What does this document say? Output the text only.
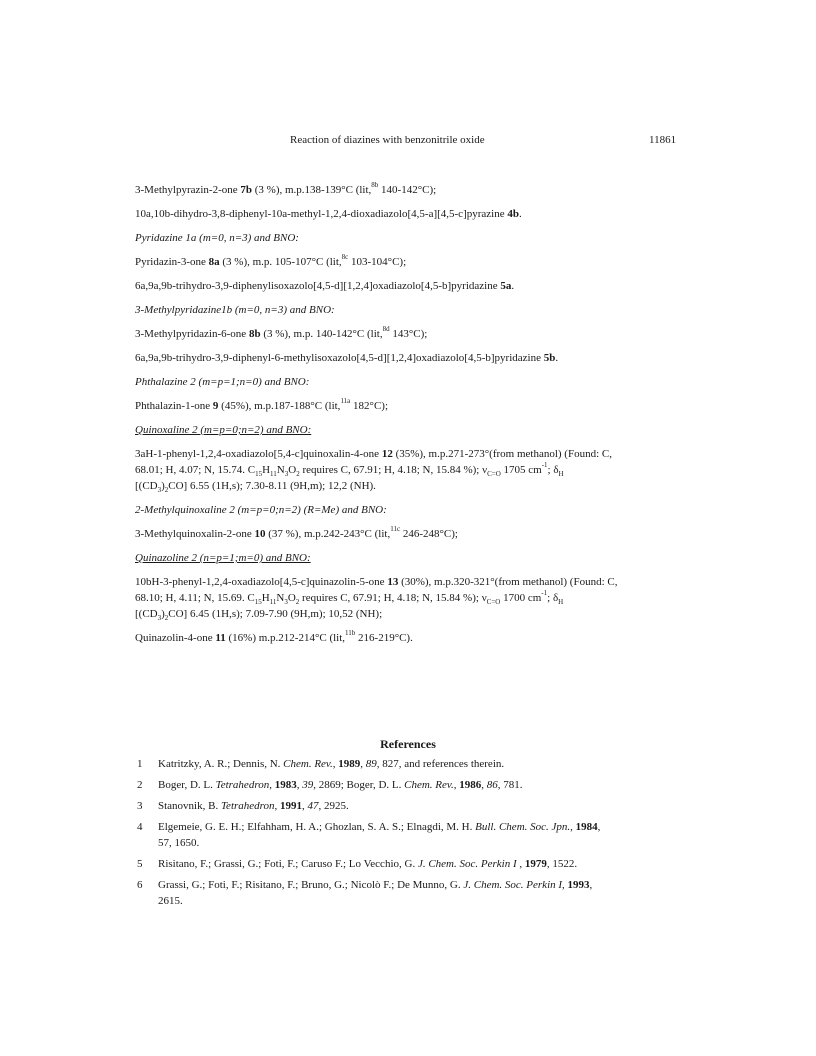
Reaction of diazines with benzonitrile oxide	11861

3-Methylpyrazin-2-one 7b (3 %), m.p.138-139°C (lit,$^{8b}$ 140-142°C);

10a,10b-dihydro-3,8-diphenyl-10a-methyl-1,2,4-dioxadiazolo[4,5-a][4,5-c]pyrazine 4b.

Pyridazine 1a (m=0, n=3) and BNO:

Pyridazin-3-one 8a (3 %), m.p. 105-107°C (lit,$^{8c}$ 103-104°C);

6a,9a,9b-trihydro-3,9-diphenylisoxazolo[4,5-d][1,2,4]oxadiazolo[4,5-b]pyridazine 5a.

3-Methylpyridazine1b (m=0, n=3) and BNO:

3-Methylpyridazin-6-one 8b (3 %), m.p. 140-142°C (lit,$^{8d}$ 143°C);

6a,9a,9b-trihydro-3,9-diphenyl-6-methylisoxazolo[4,5-d][1,2,4]oxadiazolo[4,5-b]pyridazine 5b.

Phthalazine 2 (m=p=1;n=0) and BNO:

Phthalazin-1-one 9 (45%), m.p.187-188°C (lit,$^{11a}$ 182°C);

Quinoxaline 2 (m=p=0;n=2) and BNO:

3aH-1-phenyl-1,2,4-oxadiazolo[5,4-c]quinoxalin-4-one 12 (35%), m.p.271-273°(from methanol) (Found: C,
68.01; H, 4.07; N, 15.74. $C_{15}H_{11}N_3O_2$ requires C, 67.91; H, 4.18; N, 15.84 %); $\nu_{C=O}$ 1705 $cm^{-1}$; $\delta_H$
$[(CD_3)_2CO]$ 6.55 (1H,s); 7.30-8.11 (9H,m); 12,2 (NH).

2-Methylquinoxaline 2 (m=p=0;n=2) (R=Me) and BNO:

3-Methylquinoxalin-2-one 10 (37 %), m.p.242-243°C (lit,$^{11c}$ 246-248°C);

Quinazoline 2 (n=p=1;m=0) and BNO:

10bH-3-phenyl-1,2,4-oxadiazolo[4,5-c]quinazolin-5-one 13 (30%), m.p.320-321°(from methanol) (Found: C,
68.10; H, 4.11; N, 15.69. $C_{15}H_{11}N_3O_2$ requires C, 67.91; H, 4.18; N, 15.84 %); $\nu_{C=O}$ 1700 $cm^{-1}$; $\delta_H$
$[(CD_3)_2CO]$ 6.45 (1H,s); 7.09-7.90 (9H,m); 10,52 (NH);

Quinazolin-4-one 11 (16%) m.p.212-214°C (lit,$^{11b}$ 216-219°C).

References
1 Katritzky, A. R.; Dennis, N. Chem. Rev., 1989, 89, 827, and references therein.
2 Boger, D. L. Tetrahedron, 1983, 39, 2869; Boger, D. L. Chem. Rev., 1986, 86, 781.
3 Stanovnik, B. Tetrahedron, 1991, 47, 2925.
4 Elgemeie, G. E. H.; Elfahham, H. A.; Ghozlan, S. A. S.; Elnagdi, M. H. Bull. Chem. Soc. Jpn., 1984,
57, 1650.
5 Risitano, F.; Grassi, G.; Foti, F.; Caruso F.; Lo Vecchio, G. J. Chem. Soc. Perkin I , 1979, 1522.
6 Grassi, G.; Foti, F.; Risitano, F.; Bruno, G.; Nicolò F.; De Munno, G. J. Chem. Soc. Perkin I, 1993,
2615.
